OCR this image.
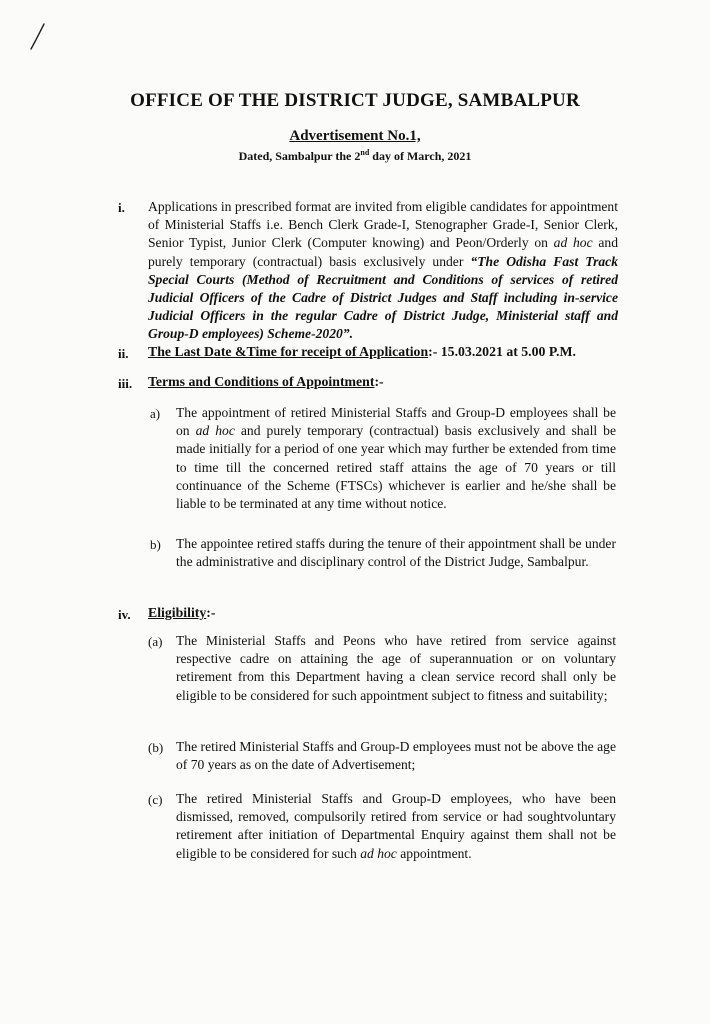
OFFICE OF THE DISTRICT JUDGE, SAMBALPUR
Advertisement No.1,
Dated, Sambalpur the 2nd day of March, 2021
i. Applications in prescribed format are invited from eligible candidates for appointment of Ministerial Staffs i.e. Bench Clerk Grade-I, Stenographer Grade-I, Senior Clerk, Senior Typist, Junior Clerk (Computer knowing) and Peon/Orderly on ad hoc and purely temporary (contractual) basis exclusively under “The Odisha Fast Track Special Courts (Method of Recruitment and Conditions of services of retired Judicial Officers of the Cadre of District Judges and Staff including in-service Judicial Officers in the regular Cadre of District Judge, Ministerial staff and Group-D employees) Scheme-2020”.

ii. The Last Date &Time for receipt of Application:- 15.03.2021 at 5.00 P.M.
iii. Terms and Conditions of Appointment:-
a) The appointment of retired Ministerial Staffs and Group-D employees shall be on ad hoc and purely temporary (contractual) basis exclusively and shall be made initially for a period of one year which may further be extended from time to time till the concerned retired staff attains the age of 70 years or till continuance of the Scheme (FTSCs) whichever is earlier and he/she shall be liable to be terminated at any time without notice.

b) The appointee retired staffs during the tenure of their appointment shall be under the administrative and disciplinary control of the District Judge, Sambalpur.

iv. Eligibility:-
(a) The Ministerial Staffs and Peons who have retired from service against respective cadre on attaining the age of superannuation or on voluntary retirement from this Department having a clean service record shall only be eligible to be considered for such appointment subject to fitness and suitability;

(b) The retired Ministerial Staffs and Group-D employees must not be above the age of 70 years as on the date of Advertisement;

(c) The retired Ministerial Staffs and Group-D employees, who have been dismissed, removed, compulsorily retired from service or had soughtvoluntary retirement after initiation of Departmental Enquiry against them shall not be eligible to be considered for such ad hoc appointment.
